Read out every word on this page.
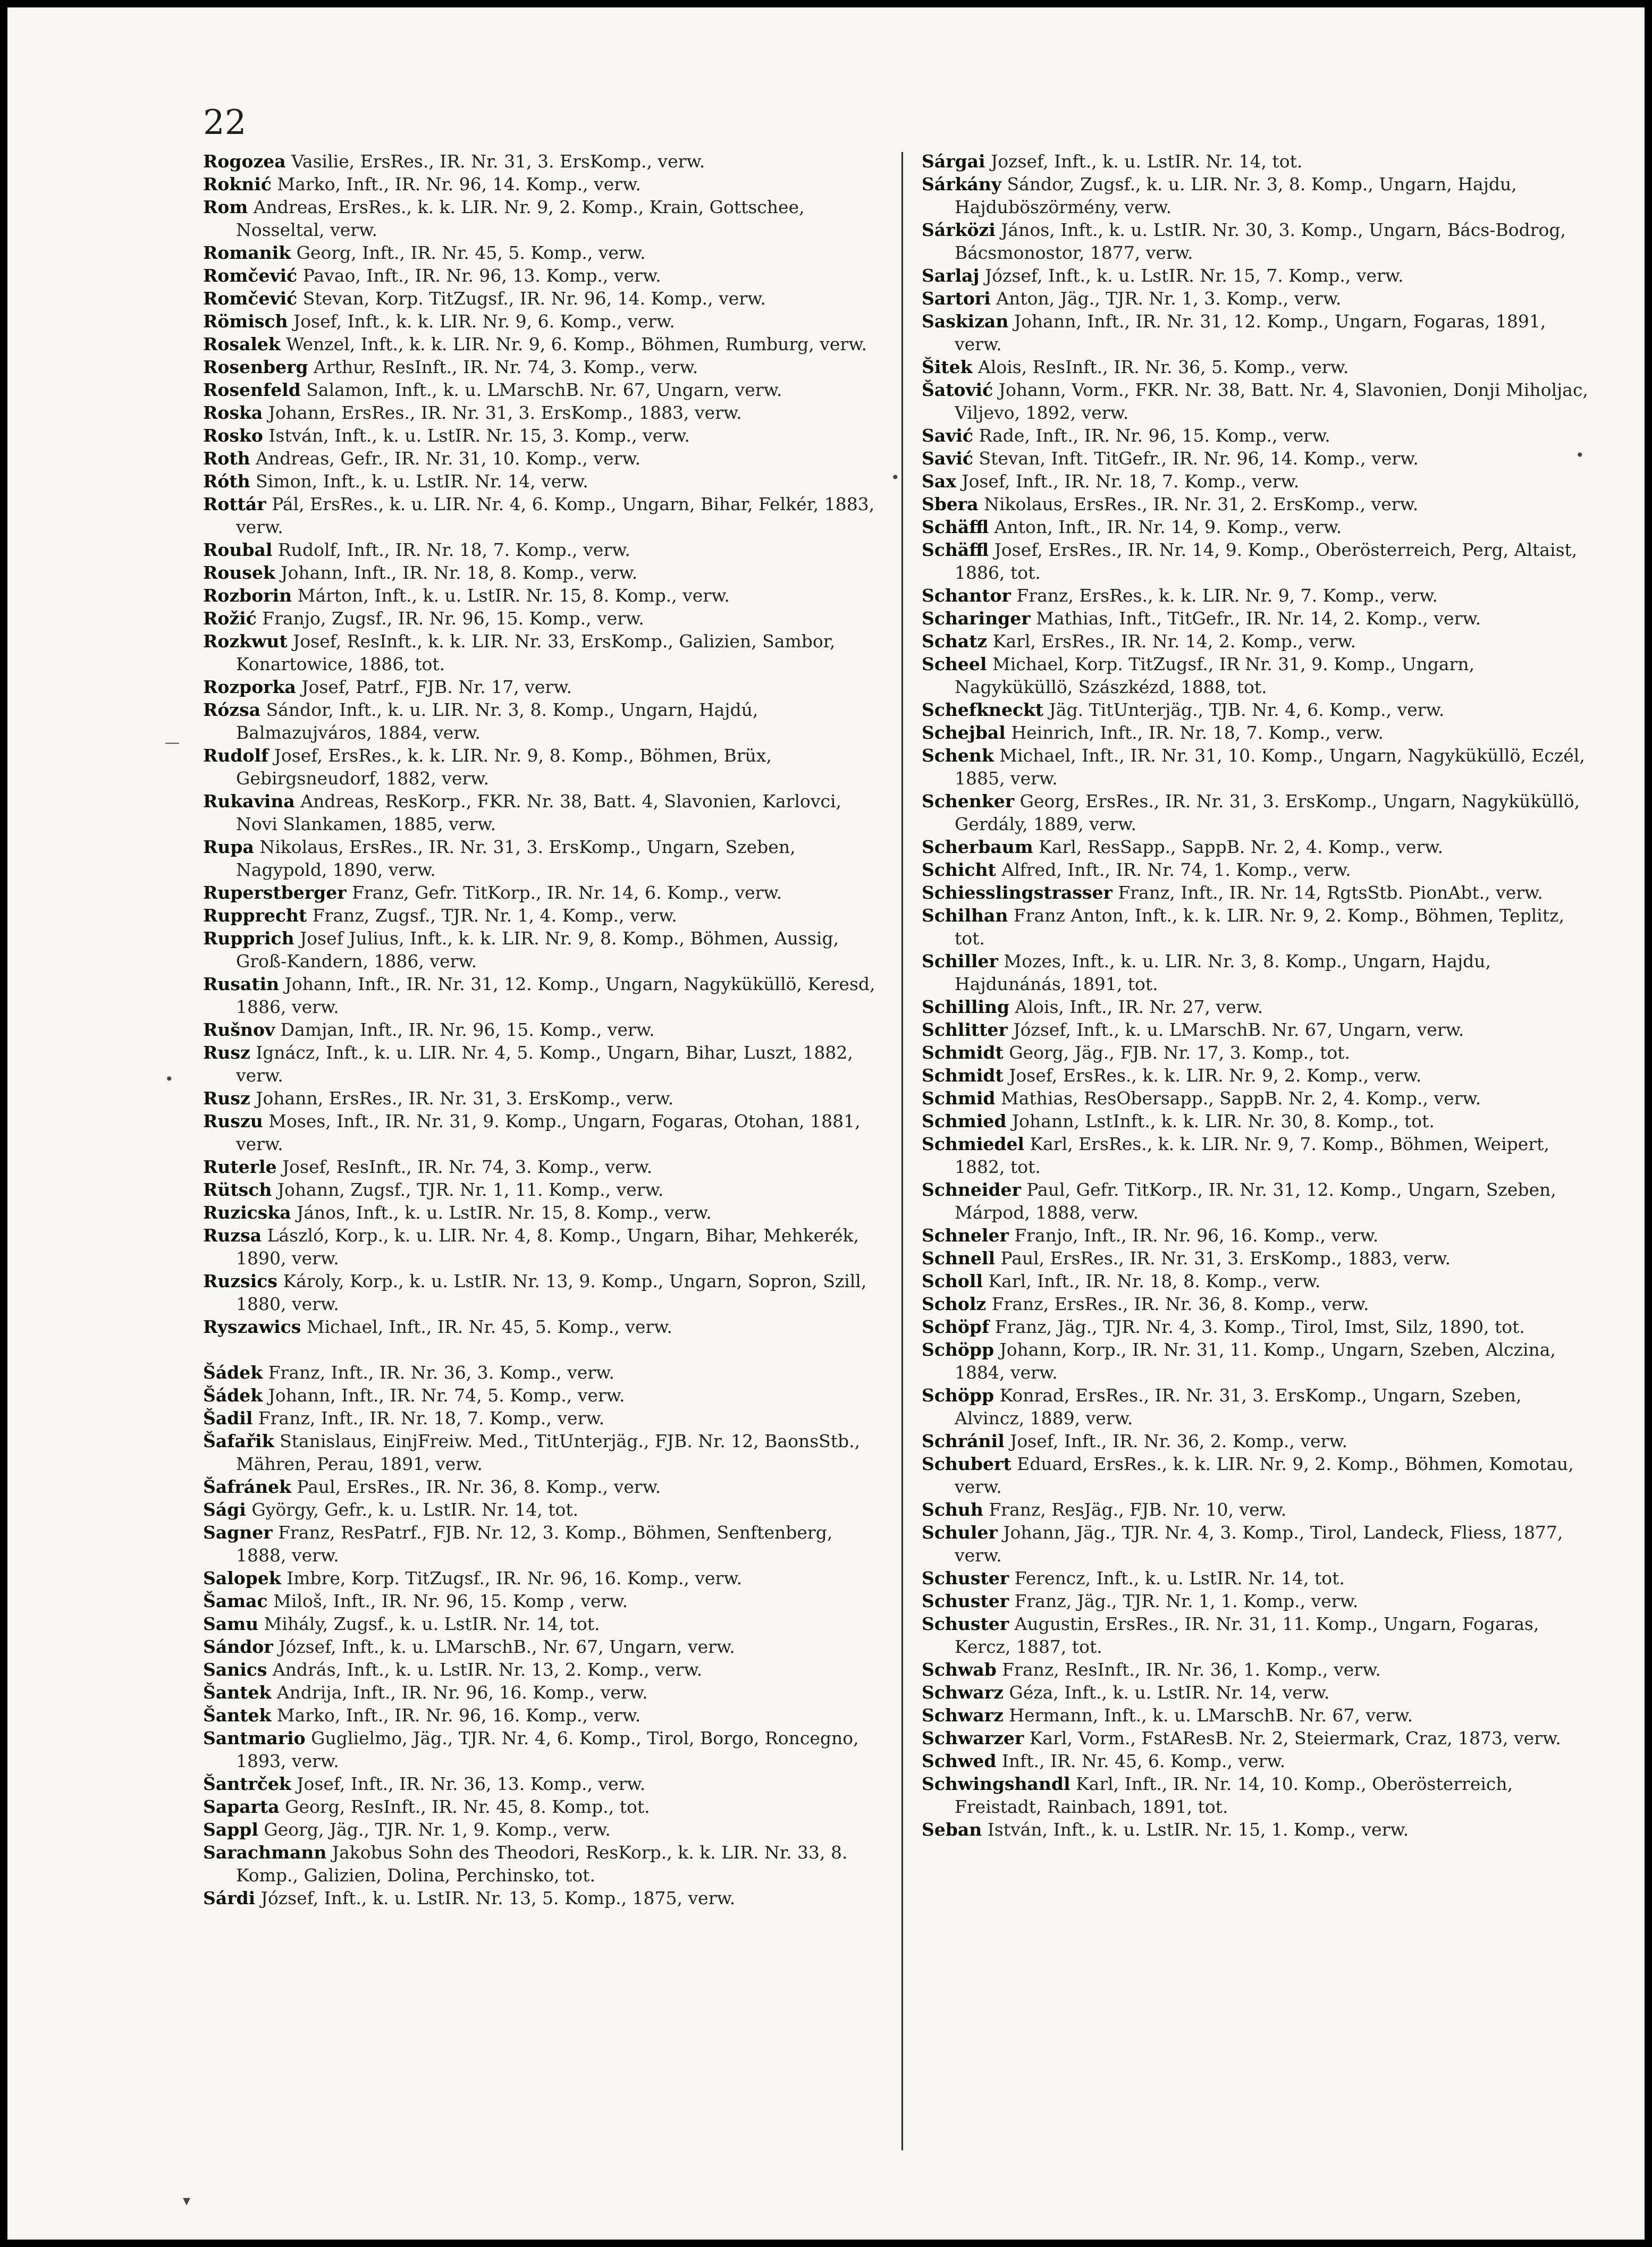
22
Rogozea Vasilie, ErsRes., IR. Nr. 31, 3. ErsKomp., verw.
Roknić Marko, Inft., IR. Nr. 96, 14. Komp., verw.
Rom Andreas, ErsRes., k. k. LIR. Nr. 9, 2. Komp., Krain, Gottschee, Nosseltal, verw.
Romanik Georg, Inft., IR. Nr. 45, 5. Komp., verw.
Romčević Pavao, Inft., IR. Nr. 96, 13. Komp., verw.
Romčević Stevan, Korp. TitZugsf., IR. Nr. 96, 14. Komp., verw.
Römisch Josef, Inft., k. k. LIR. Nr. 9, 6. Komp., verw.
Rosalek Wenzel, Inft., k. k. LIR. Nr. 9, 6. Komp., Böhmen, Rumburg, verw.
Rosenberg Arthur, ResInft., IR. Nr. 74, 3. Komp., verw.
Rosenfeld Salamon, Inft., k. u. LMarschB. Nr. 67, Ungarn, verw.
Roska Johann, ErsRes., IR. Nr. 31, 3. ErsKomp., 1883, verw.
Rosko István, Inft., k. u. LstIR. Nr. 15, 3. Komp., verw.
Roth Andreas, Gefr., IR. Nr. 31, 10. Komp., verw.
Róth Simon, Inft., k. u. LstIR. Nr. 14, verw.
Rottár Pál, ErsRes., k. u. LIR. Nr. 4, 6. Komp., Ungarn, Bihar, Felkér, 1883, verw.
Roubal Rudolf, Inft., IR. Nr. 18, 7. Komp., verw.
Rousek Johann, Inft., IR. Nr. 18, 8. Komp., verw.
Rozborin Márton, Inft., k. u. LstIR. Nr. 15, 8. Komp., verw.
Rožić Franjo, Zugsf., IR. Nr. 96, 15. Komp., verw.
Rozkwut Josef, ResInft., k. k. LIR. Nr. 33, ErsKomp., Galizien, Sambor, Konartowice, 1886, tot.
Rozporka Josef, Patrf., FJB. Nr. 17, verw.
Rózsa Sándor, Inft., k. u. LIR. Nr. 3, 8. Komp., Ungarn, Hajdú, Balmazujváros, 1884, verw.
Rudolf Josef, ErsRes., k. k. LIR. Nr. 9, 8. Komp., Böhmen, Brüx, Gebirgsneudorf, 1882, verw.
Rukavina Andreas, ResKorp., FKR. Nr. 38, Batt. 4, Slavonien, Karlovci, Novi Slankamen, 1885, verw.
Rupa Nikolaus, ErsRes., IR. Nr. 31, 3. ErsKomp., Ungarn, Szeben, Nagypold, 1890, verw.
Ruperstberger Franz, Gefr. TitKorp., IR. Nr. 14, 6. Komp., verw.
Rupprecht Franz, Zugsf., TJR. Nr. 1, 4. Komp., verw.
Rupprich Josef Julius, Inft., k. k. LIR. Nr. 9, 8. Komp., Böhmen, Aussig, Groß-Kandern, 1886, verw.
Rusatin Johann, Inft., IR. Nr. 31, 12. Komp., Ungarn, Nagyküküllö, Keresd, 1886, verw.
Rušnov Damjan, Inft., IR. Nr. 96, 15. Komp., verw.
Rusz Ignácz, Inft., k. u. LIR. Nr. 4, 5. Komp., Ungarn, Bihar, Luszt, 1882, verw.
Rusz Johann, ErsRes., IR. Nr. 31, 3. ErsKomp., verw.
Ruszu Moses, Inft., IR. Nr. 31, 9. Komp., Ungarn, Fogaras, Otohan, 1881, verw.
Ruterle Josef, ResInft., IR. Nr. 74, 3. Komp., verw.
Rütsch Johann, Zugsf., TJR. Nr. 1, 11. Komp., verw.
Ruzicska János, Inft., k. u. LstIR. Nr. 15, 8. Komp., verw.
Ruzsa László, Korp., k. u. LIR. Nr. 4, 8. Komp., Ungarn, Bihar, Mehkerék, 1890, verw.
Ruzsics Károly, Korp., k. u. LstIR. Nr. 13, 9. Komp., Ungarn, Sopron, Szill, 1880, verw.
Ryszawics Michael, Inft., IR. Nr. 45, 5. Komp., verw.
Šádek Franz, Inft., IR. Nr. 36, 3. Komp., verw.
Šádek Johann, Inft., IR. Nr. 74, 5. Komp., verw.
Šadil Franz, Inft., IR. Nr. 18, 7. Komp., verw.
Šafařik Stanislaus, EinjFreiw. Med., TitUnterjäg., FJB. Nr. 12, BaonsStb., Mähren, Perau, 1891, verw.
Šafránek Paul, ErsRes., IR. Nr. 36, 8. Komp., verw.
Sági György, Gefr., k. u. LstIR. Nr. 14, tot.
Sagner Franz, ResPatrf., FJB. Nr. 12, 3. Komp., Böhmen, Senftenberg, 1888, verw.
Salopek Imbre, Korp. TitZugsf., IR. Nr. 96, 16. Komp., verw.
Šamac Miloš, Inft., IR. Nr. 96, 15. Komp , verw.
Samu Mihály, Zugsf., k. u. LstIR. Nr. 14, tot.
Sándor József, Inft., k. u. LMarschB., Nr. 67, Ungarn, verw.
Sanics András, Inft., k. u. LstIR. Nr. 13, 2. Komp., verw.
Šantek Andrija, Inft., IR. Nr. 96, 16. Komp., verw.
Šantek Marko, Inft., IR. Nr. 96, 16. Komp., verw.
Santmario Guglielmo, Jäg., TJR. Nr. 4, 6. Komp., Tirol, Borgo, Roncegno, 1893, verw.
Šantrček Josef, Inft., IR. Nr. 36, 13. Komp., verw.
Saparta Georg, ResInft., IR. Nr. 45, 8. Komp., tot.
Sappl Georg, Jäg., TJR. Nr. 1, 9. Komp., verw.
Sarachmann Jakobus Sohn des Theodori, ResKorp., k. k. LIR. Nr. 33, 8. Komp., Galizien, Dolina, Perchinsko, tot.
Sárdi József, Inft., k. u. LstIR. Nr. 13, 5. Komp., 1875, verw.
Sárgai Jozsef, Inft., k. u. LstIR. Nr. 14, tot.
Sárkány Sándor, Zugsf., k. u. LIR. Nr. 3, 8. Komp., Ungarn, Hajdu, Hajduböszörmény, verw.
Sárközi János, Inft., k. u. LstIR. Nr. 30, 3. Komp., Ungarn, Bács-Bodrog, Bácsmonostor, 1877, verw.
Sarlaj József, Inft., k. u. LstIR. Nr. 15, 7. Komp., verw.
Sartori Anton, Jäg., TJR. Nr. 1, 3. Komp., verw.
Saskizan Johann, Inft., IR. Nr. 31, 12. Komp., Ungarn, Fogaras, 1891, verw.
Šitek Alois, ResInft., IR. Nr. 36, 5. Komp., verw.
Šatović Johann, Vorm., FKR. Nr. 38, Batt. Nr. 4, Slavonien, Donji Miholjac, Viljevo, 1892, verw.
Savić Rade, Inft., IR. Nr. 96, 15. Komp., verw.
Savić Stevan, Inft. TitGefr., IR. Nr. 96, 14. Komp., verw.
Sax Josef, Inft., IR. Nr. 18, 7. Komp., verw.
Sbera Nikolaus, ErsRes., IR. Nr. 31, 2. ErsKomp., verw.
Schäffl Anton, Inft., IR. Nr. 14, 9. Komp., verw.
Schäffl Josef, ErsRes., IR. Nr. 14, 9. Komp., Oberösterreich, Perg, Altaist, 1886, tot.
Schantor Franz, ErsRes., k. k. LIR. Nr. 9, 7. Komp., verw.
Scharinger Mathias, Inft., TitGefr., IR. Nr. 14, 2. Komp., verw.
Schatz Karl, ErsRes., IR. Nr. 14, 2. Komp., verw.
Scheel Michael, Korp. TitZugsf., IR Nr. 31, 9. Komp., Ungarn, Nagyküküllö, Szászkézd, 1888, tot.
Schefkneckt Jäg. TitUnterjäg., TJB. Nr. 4, 6. Komp., verw.
Schejbal Heinrich, Inft., IR. Nr. 18, 7. Komp., verw.
Schenk Michael, Inft., IR. Nr. 31, 10. Komp., Ungarn, Nagyküküllö, Eczél, 1885, verw.
Schenker Georg, ErsRes., IR. Nr. 31, 3. ErsKomp., Ungarn, Nagyküküllö, Gerdály, 1889, verw.
Scherbaum Karl, ResSapp., SappB. Nr. 2, 4. Komp., verw.
Schicht Alfred, Inft., IR. Nr. 74, 1. Komp., verw.
Schiesslingstrasser Franz, Inft., IR. Nr. 14, RgtsStb. PionAbt., verw.
Schilhan Franz Anton, Inft., k. k. LIR. Nr. 9, 2. Komp., Böhmen, Teplitz, tot.
Schiller Mozes, Inft., k. u. LIR. Nr. 3, 8. Komp., Ungarn, Hajdu, Hajdunánás, 1891, tot.
Schilling Alois, Inft., IR. Nr. 27, verw.
Schlitter József, Inft., k. u. LMarschB. Nr. 67, Ungarn, verw.
Schmidt Georg, Jäg., FJB. Nr. 17, 3. Komp., tot.
Schmidt Josef, ErsRes., k. k. LIR. Nr. 9, 2. Komp., verw.
Schmid Mathias, ResObersapp., SappB. Nr. 2, 4. Komp., verw.
Schmied Johann, LstInft., k. k. LIR. Nr. 30, 8. Komp., tot.
Schmiedel Karl, ErsRes., k. k. LIR. Nr. 9, 7. Komp., Böhmen, Weipert, 1882, tot.
Schneider Paul, Gefr. TitKorp., IR. Nr. 31, 12. Komp., Ungarn, Szeben, Márpod, 1888, verw.
Schneler Franjo, Inft., IR. Nr. 96, 16. Komp., verw.
Schnell Paul, ErsRes., IR. Nr. 31, 3. ErsKomp., 1883, verw.
Scholl Karl, Inft., IR. Nr. 18, 8. Komp., verw.
Scholz Franz, ErsRes., IR. Nr. 36, 8. Komp., verw.
Schöpf Franz, Jäg., TJR. Nr. 4, 3. Komp., Tirol, Imst, Silz, 1890, tot.
Schöpp Johann, Korp., IR. Nr. 31, 11. Komp., Ungarn, Szeben, Alczina, 1884, verw.
Schöpp Konrad, ErsRes., IR. Nr. 31, 3. ErsKomp., Ungarn, Szeben, Alvincz, 1889, verw.
Schránil Josef, Inft., IR. Nr. 36, 2. Komp., verw.
Schubert Eduard, ErsRes., k. k. LIR. Nr. 9, 2. Komp., Böhmen, Komotau, verw.
Schuh Franz, ResJäg., FJB. Nr. 10, verw.
Schuler Johann, Jäg., TJR. Nr. 4, 3. Komp., Tirol, Landeck, Fliess, 1877, verw.
Schuster Ferencz, Inft., k. u. LstIR. Nr. 14, tot.
Schuster Franz, Jäg., TJR. Nr. 1, 1. Komp., verw.
Schuster Augustin, ErsRes., IR. Nr. 31, 11. Komp., Ungarn, Fogaras, Kercz, 1887, tot.
Schwab Franz, ResInft., IR. Nr. 36, 1. Komp., verw.
Schwarz Géza, Inft., k. u. LstIR. Nr. 14, verw.
Schwarz Hermann, Inft., k. u. LMarschB. Nr. 67, verw.
Schwarzer Karl, Vorm., FstAResB. Nr. 2, Steiermark, Craz, 1873, verw.
Schwed Inft., IR. Nr. 45, 6. Komp., verw.
Schwingshandl Karl, Inft., IR. Nr. 14, 10. Komp., Oberösterreich, Freistadt, Rainbach, 1891, tot.
Seban István, Inft., k. u. LstIR. Nr. 15, 1. Komp., verw.
—
•
•
•
▾
